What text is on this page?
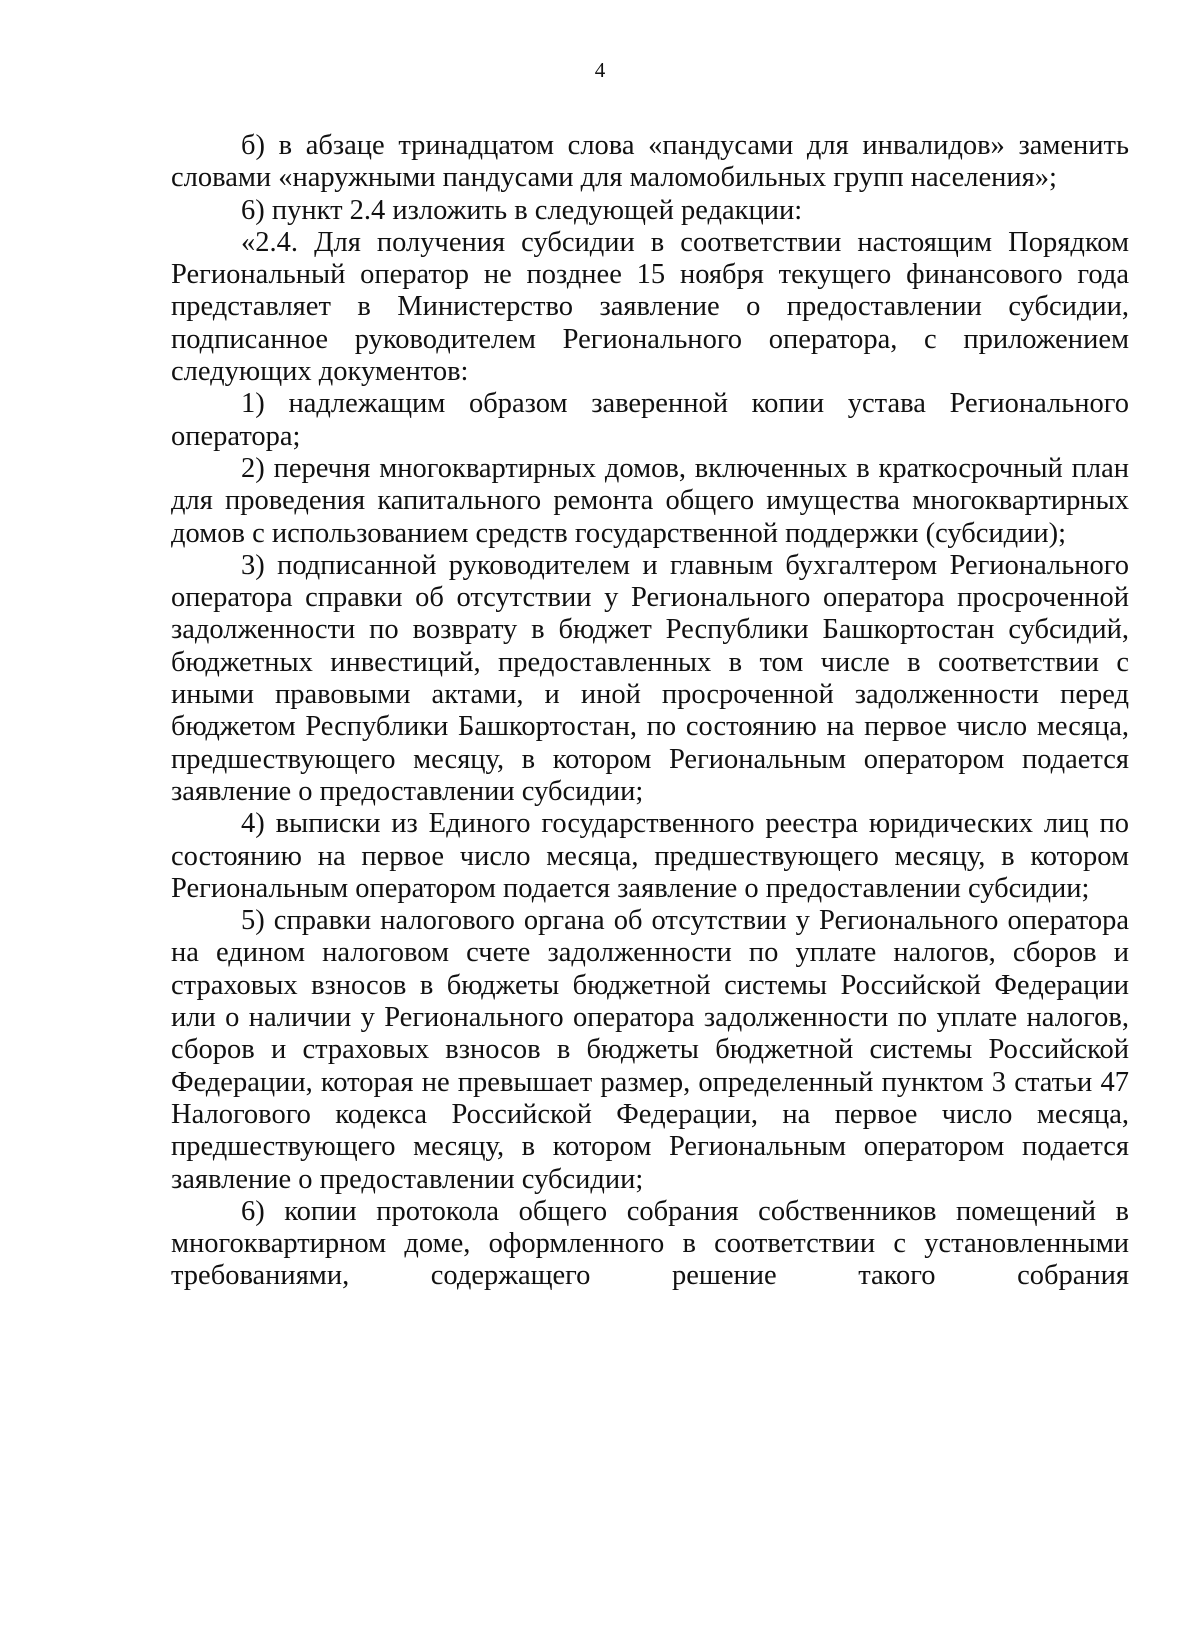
4

б) в абзаце тринадцатом слова «пандусами для инвалидов» заменить словами «наружными пандусами для маломобильных групп населения»;

6) пункт 2.4 изложить в следующей редакции:

«2.4. Для получения субсидии в соответствии настоящим Порядком Региональный оператор не позднее 15 ноября текущего финансового года представляет в Министерство заявление о предоставлении субсидии, подписанное руководителем Регионального оператора, с приложением следующих документов:

1) надлежащим образом заверенной копии устава Регионального оператора;

2) перечня многоквартирных домов, включенных в краткосрочный план для проведения капитального ремонта общего имущества многоквартирных домов с использованием средств государственной поддержки (субсидии);

3) подписанной руководителем и главным бухгалтером Регионального оператора справки об отсутствии у Регионального оператора просроченной задолженности по возврату в бюджет Республики Башкортостан субсидий, бюджетных инвестиций, предоставленных в том числе в соответствии с иными правовыми актами, и иной просроченной задолженности перед бюджетом Республики Башкортостан, по состоянию на первое число месяца, предшествующего месяцу, в котором Региональным оператором подается заявление о предоставлении субсидии;

4) выписки из Единого государственного реестра юридических лиц по состоянию на первое число месяца, предшествующего месяцу, в котором Региональным оператором подается заявление о предоставлении субсидии;

5) справки налогового органа об отсутствии у Регионального оператора на едином налоговом счете задолженности по уплате налогов, сборов и страховых взносов в бюджеты бюджетной системы Российской Федерации или о наличии у Регионального оператора задолженности по уплате налогов, сборов и страховых взносов в бюджеты бюджетной системы Российской Федерации, которая не превышает размер, определенный пунктом 3 статьи 47 Налогового кодекса Российской Федерации, на первое число месяца, предшествующего месяцу, в котором Региональным оператором подается заявление о предоставлении субсидии;

6) копии протокола общего собрания собственников помещений в многоквартирном доме, оформленного в соответствии с установленными требованиями, содержащего решение такого собрания
